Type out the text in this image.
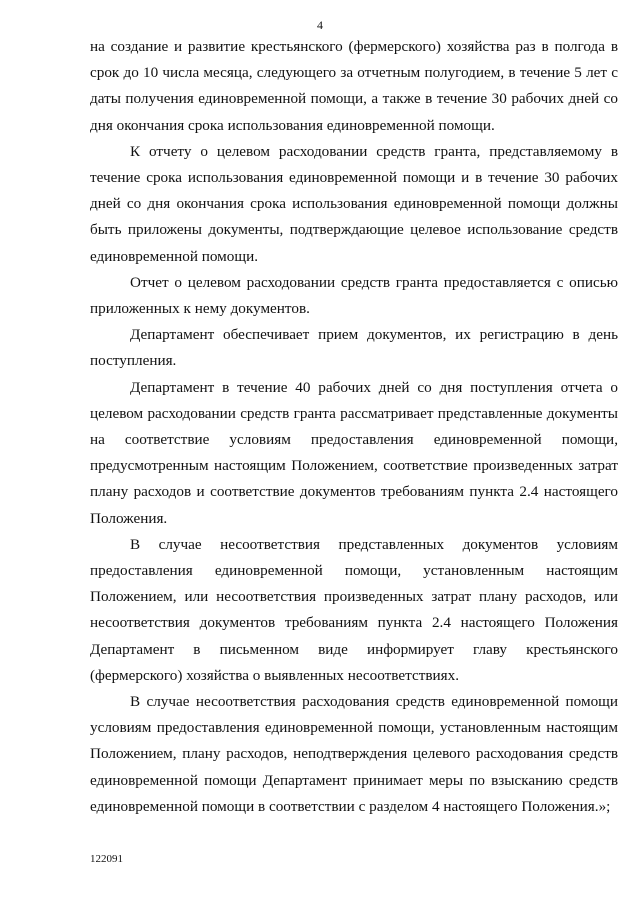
4

на создание и развитие крестьянского (фермерского) хозяйства раз в полгода в срок до 10 числа месяца, следующего за отчетным полугодием, в течение 5 лет с даты получения единовременной помощи, а также в течение 30 рабочих дней со дня окончания срока использования единовременной помощи.

К отчету о целевом расходовании средств гранта, представляемому в течение срока использования единовременной помощи и в течение 30 рабочих дней со дня окончания срока использования единовременной помощи должны быть приложены документы, подтверждающие целевое использование средств единовременной помощи.

Отчет о целевом расходовании средств гранта предоставляется с описью приложенных к нему документов.

Департамент обеспечивает прием документов, их регистрацию в день поступления.

Департамент в течение 40 рабочих дней со дня поступления отчета о целевом расходовании средств гранта рассматривает представленные документы на соответствие условиям предоставления единовременной помощи, предусмотренным настоящим Положением, соответствие произведенных затрат плану расходов и соответствие документов требованиям пункта 2.4 настоящего Положения.

В случае несоответствия представленных документов условиям предоставления единовременной помощи, установленным настоящим Положением, или несоответствия произведенных затрат плану расходов, или несоответствия документов требованиям пункта 2.4 настоящего Положения Департамент в письменном виде информирует главу крестьянского (фермерского) хозяйства о выявленных несоответствиях.

В случае несоответствия расходования средств единовременной помощи условиям предоставления единовременной помощи, установленным настоящим Положением, плану расходов, неподтверждения целевого расходования средств единовременной помощи Департамент принимает меры по взысканию средств единовременной помощи в соответствии с разделом 4 настоящего Положения.»;

122091
